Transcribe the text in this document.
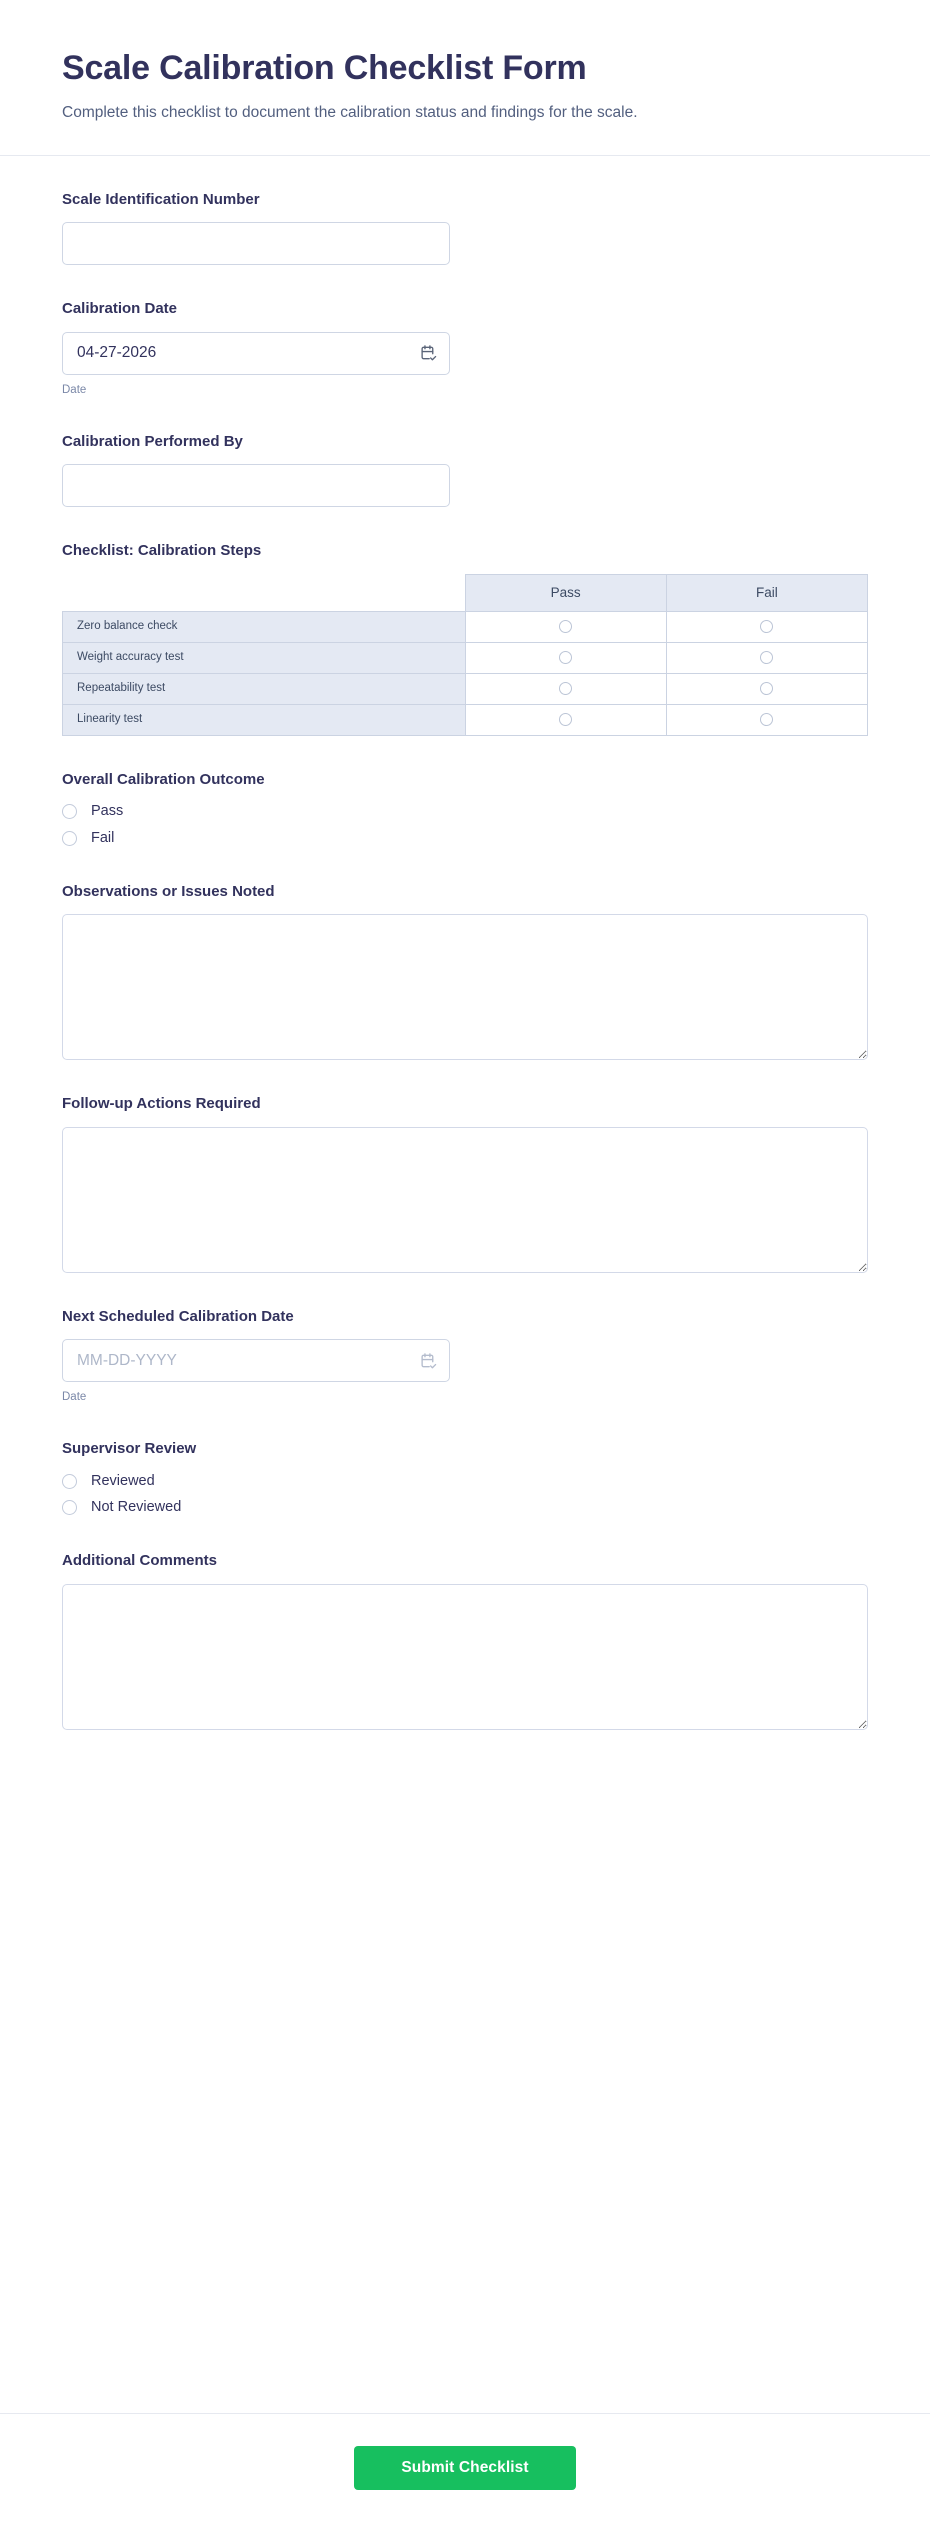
Scale Calibration Checklist Form

Complete this checklist to document the calibration status and findings for the scale.

Scale Identification Number
Calibration Date
04-27-2026
Date
Calibration Performed By
Checklist: Calibration Steps
	Pass	Fail
Zero balance check		
Weight accuracy test		
Repeatability test		
Linearity test		
Overall Calibration Outcome
Pass
Fail
Observations or Issues Noted
Follow-up Actions Required
Next Scheduled Calibration Date
MM-DD-YYYY
Date
Supervisor Review
Reviewed
Not Reviewed
Additional Comments
Submit Checklist
